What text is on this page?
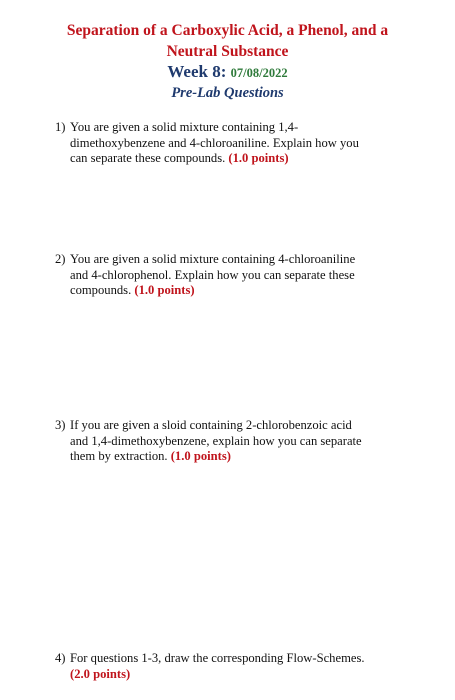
Separation of a Carboxylic Acid, a Phenol, and a
Neutral Substance
Week 8: 07/08/2022
Pre-Lab Questions
1) You are given a solid mixture containing 1,4-
dimethoxybenzene and 4-chloroaniline. Explain how you
can separate these compounds. (1.0 points)
2) You are given a solid mixture containing 4-chloroaniline
and 4-chlorophenol. Explain how you can separate these
compounds. (1.0 points)
3) If you are given a sloid containing 2-chlorobenzoic acid
and 1,4-dimethoxybenzene, explain how you can separate
them by extraction. (1.0 points)
4) For questions 1-3, draw the corresponding Flow-Schemes.
(2.0 points)
